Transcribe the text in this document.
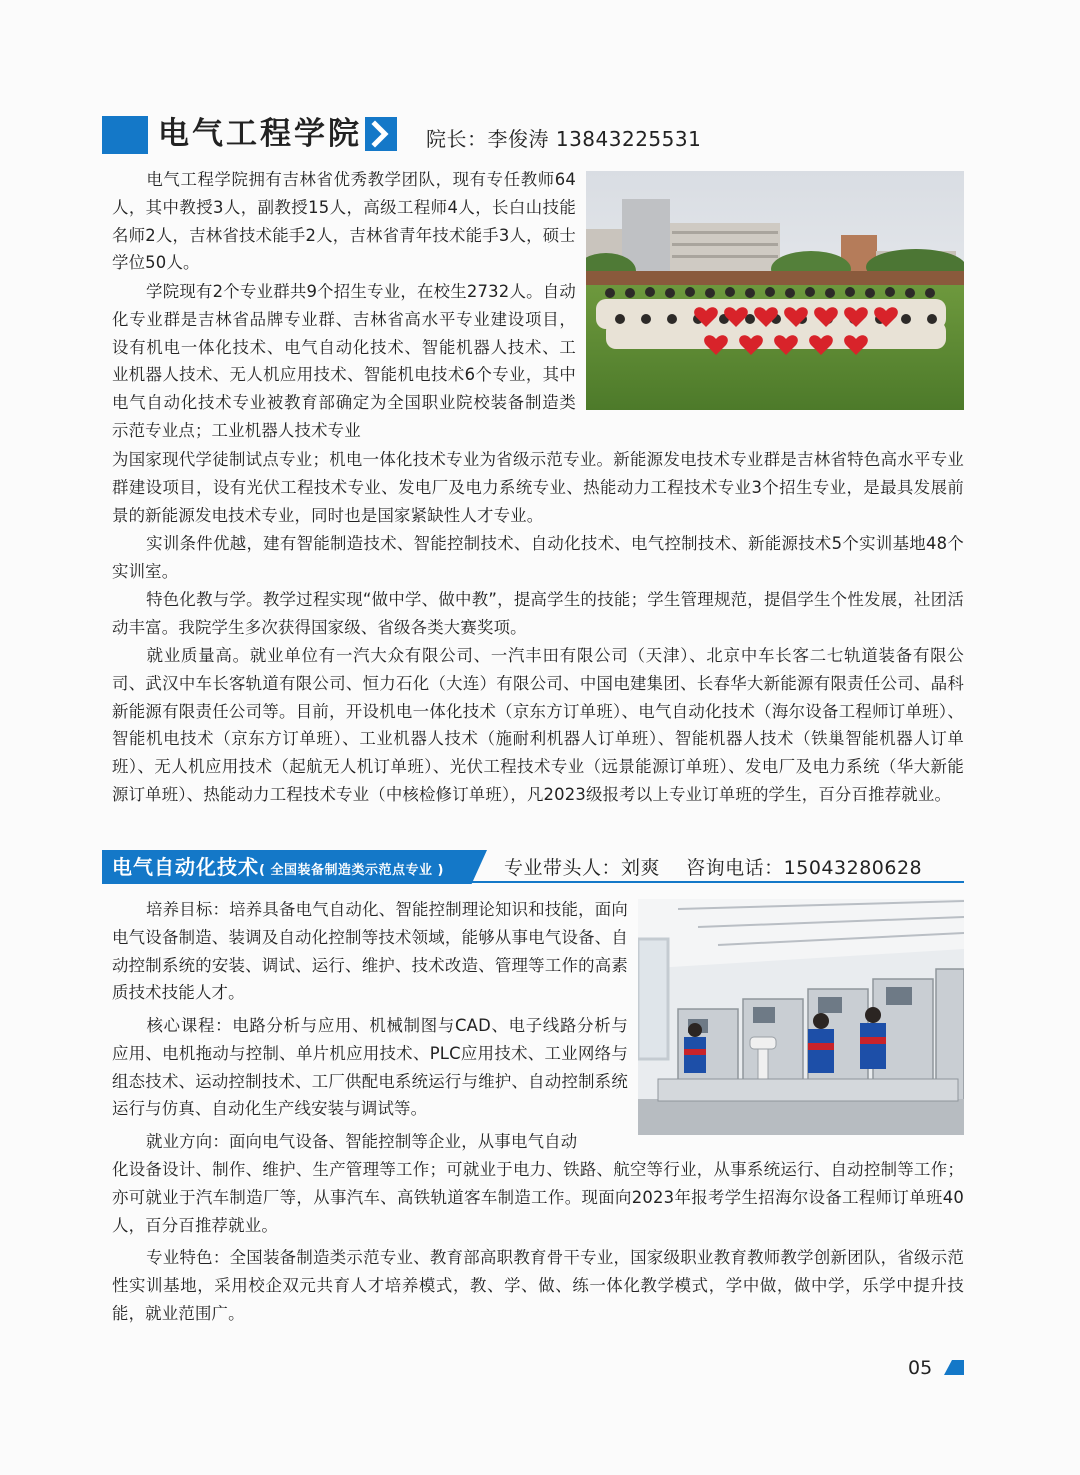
电气工程学院	院长：李俊涛 13843225531

电气工程学院拥有吉林省优秀教学团队，现有专任教师64人，其中教授3人，副教授15人，高级工程师4人，长白山技能名师2人，吉林省技术能手2人，吉林省青年技术能手3人，硕士学位50人。

学院现有2个专业群共9个招生专业，在校生2732人。自动化专业群是吉林省品牌专业群、吉林省高水平专业建设项目，设有机电一体化技术、电气自动化技术、智能机器人技术、工业机器人技术、无人机应用技术、智能机电技术6个专业，其中电气自动化技术专业被教育部确定为全国职业院校装备制造类示范专业点；工业机器人技术专业

为国家现代学徒制试点专业；机电一体化技术专业为省级示范专业。新能源发电技术专业群是吉林省特色高水平专业群建设项目，设有光伏工程技术专业、发电厂及电力系统专业、热能动力工程技术专业3个招生专业，是最具发展前景的新能源发电技术专业，同时也是国家紧缺性人才专业。

实训条件优越，建有智能制造技术、智能控制技术、自动化技术、电气控制技术、新能源技术5个实训基地48个实训室。

特色化教与学。教学过程实现“做中学、做中教”，提高学生的技能；学生管理规范，提倡学生个性发展，社团活动丰富。我院学生多次获得国家级、省级各类大赛奖项。

就业质量高。就业单位有一汽大众有限公司、一汽丰田有限公司（天津）、北京中车长客二七轨道装备有限公司、武汉中车长客轨道有限公司、恒力石化（大连）有限公司、中国电建集团、长春华大新能源有限责任公司、晶科新能源有限责任公司等。目前，开设机电一体化技术（京东方订单班）、电气自动化技术（海尔设备工程师订单班）、智能机电技术（京东方订单班）、工业机器人技术（施耐利机器人订单班）、智能机器人技术（铁巢智能机器人订单班）、无人机应用技术（起航无人机订单班）、光伏工程技术专业（远景能源订单班）、发电厂及电力系统（华大新能源订单班）、热能动力工程技术专业（中核检修订单班），凡2023级报考以上专业订单班的学生，百分百推荐就业。

电气自动化技术( 全国装备制造类示范点专业 )	专业带头人：刘爽    咨询电话：15043280628

培养目标：培养具备电气自动化、智能控制理论知识和技能，面向电气设备制造、装调及自动化控制等技术领域，能够从事电气设备、自动控制系统的安装、调试、运行、维护、技术改造、管理等工作的高素质技术技能人才。

核心课程：电路分析与应用、机械制图与CAD、电子线路分析与应用、电机拖动与控制、单片机应用技术、PLC应用技术、工业网络与组态技术、运动控制技术、工厂供配电系统运行与维护、自动控制系统运行与仿真、自动化生产线安装与调试等。

就业方向：面向电气设备、智能控制等企业，从事电气自动

化设备设计、制作、维护、生产管理等工作；可就业于电力、铁路、航空等行业，从事系统运行、自动控制等工作；亦可就业于汽车制造厂等，从事汽车、高铁轨道客车制造工作。现面向2023年报考学生招海尔设备工程师订单班40人，百分百推荐就业。

专业特色：全国装备制造类示范专业、教育部高职教育骨干专业，国家级职业教育教师教学创新团队，省级示范性实训基地，采用校企双元共育人才培养模式，教、学、做、练一体化教学模式，学中做，做中学，乐学中提升技能，就业范围广。

05
